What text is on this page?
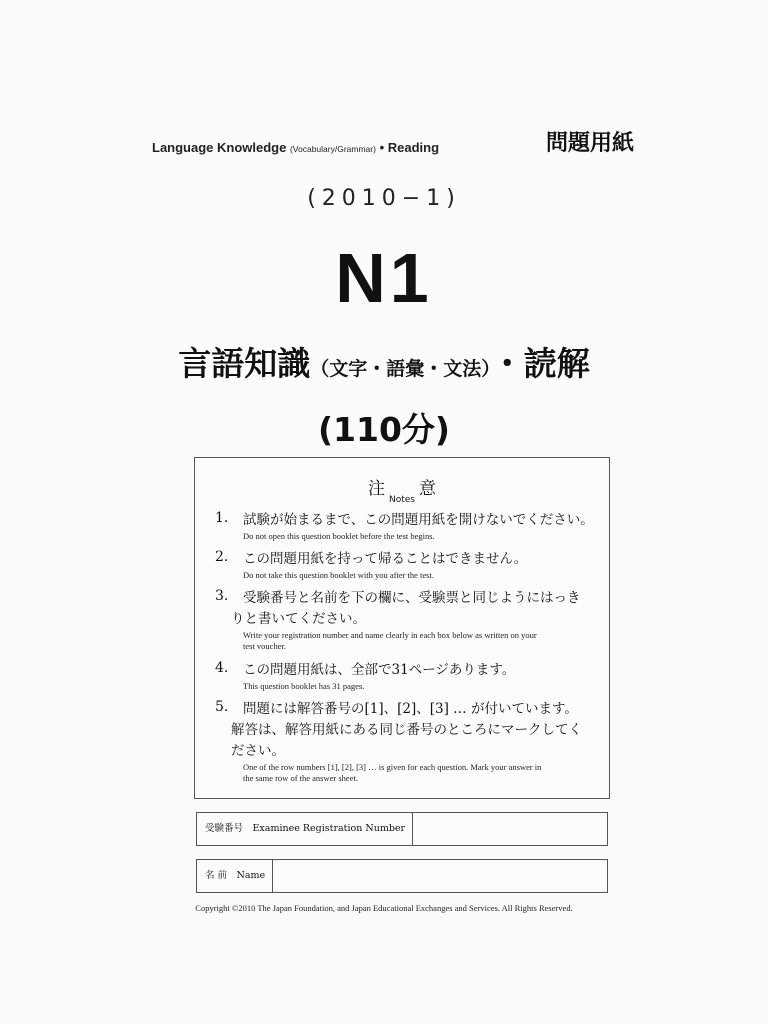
Language Knowledge (Vocabulary/Grammar) • Reading	問題用紙
(2010−1)
N1
言語知識（文字・語彙・文法）・読解
(110分)
注$_{Notes}$意
1.	試験が始まるまで、この問題用紙を開けないでください。
Do not open this question booklet before the test begins.
2.	この問題用紙を持って帰ることはできません。
Do not take this question booklet with you after the test.
3.	受験番号と名前を下の欄に、受験票と同じようにはっき
りと書いてください。
Write your registration number and name clearly in each box below as written on your
test voucher.
4.	この問題用紙は、全部で31ページあります。
This question booklet has 31 pages.
5.	問題には解答番号の[1]、[2]、[3] … が付いています。
解答は、解答用紙にある同じ番号のところにマークしてく
ださい。
One of the row numbers [1], [2], [3] … is given for each question. Mark your answer in
the same row of the answer sheet.
受験番号　Examinee Registration Number
名 前　Name
Copyright ©2010 The Japan Foundation, and Japan Educational Exchanges and Services. All Rights Reserved.
